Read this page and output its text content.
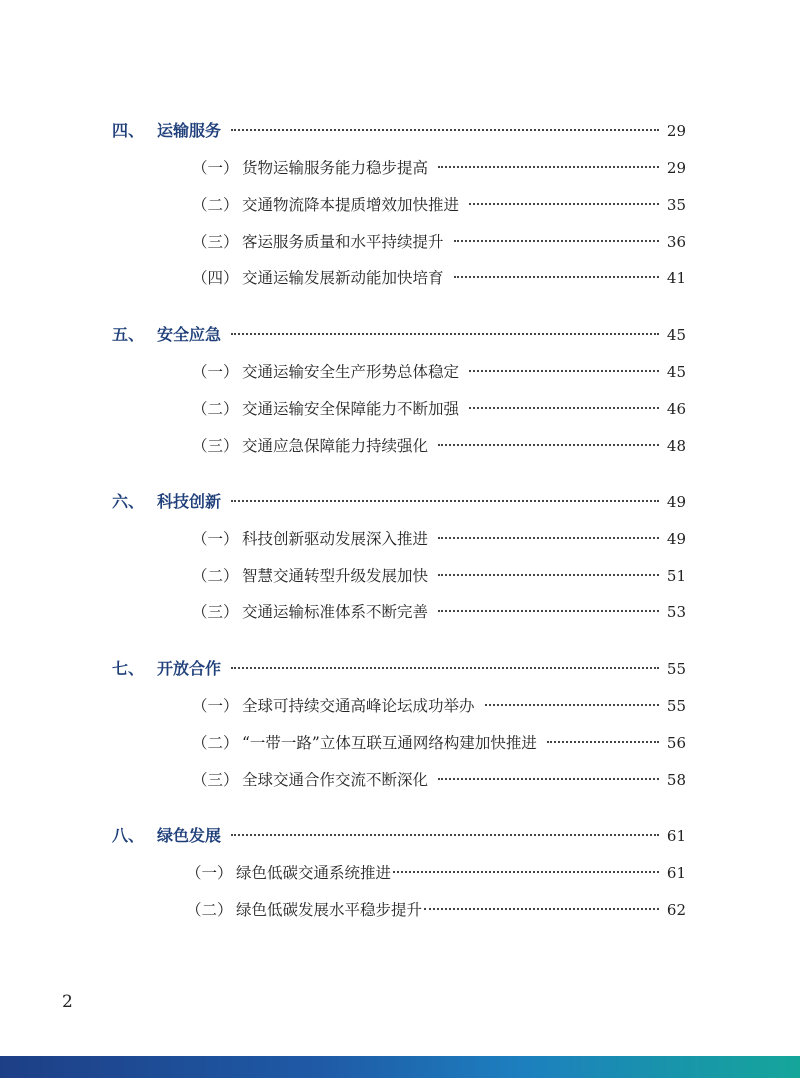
四、 运输服务	29
（一） 货物运输服务能力稳步提高	29
（二） 交通物流降本提质增效加快推进	35
（三） 客运服务质量和水平持续提升	36
（四） 交通运输发展新动能加快培育	41
五、 安全应急	45
（一） 交通运输安全生产形势总体稳定	45
（二） 交通运输安全保障能力不断加强	46
（三） 交通应急保障能力持续强化	48
六、 科技创新	49
（一） 科技创新驱动发展深入推进	49
（二） 智慧交通转型升级发展加快	51
（三） 交通运输标准体系不断完善	53
七、 开放合作	55
（一） 全球可持续交通高峰论坛成功举办	55
（二） “一带一路”立体互联互通网络构建加快推进	56
（三） 全球交通合作交流不断深化	58
八、 绿色发展	61
（一） 绿色低碳交通系统推进	61
（二） 绿色低碳发展水平稳步提升	62
2
